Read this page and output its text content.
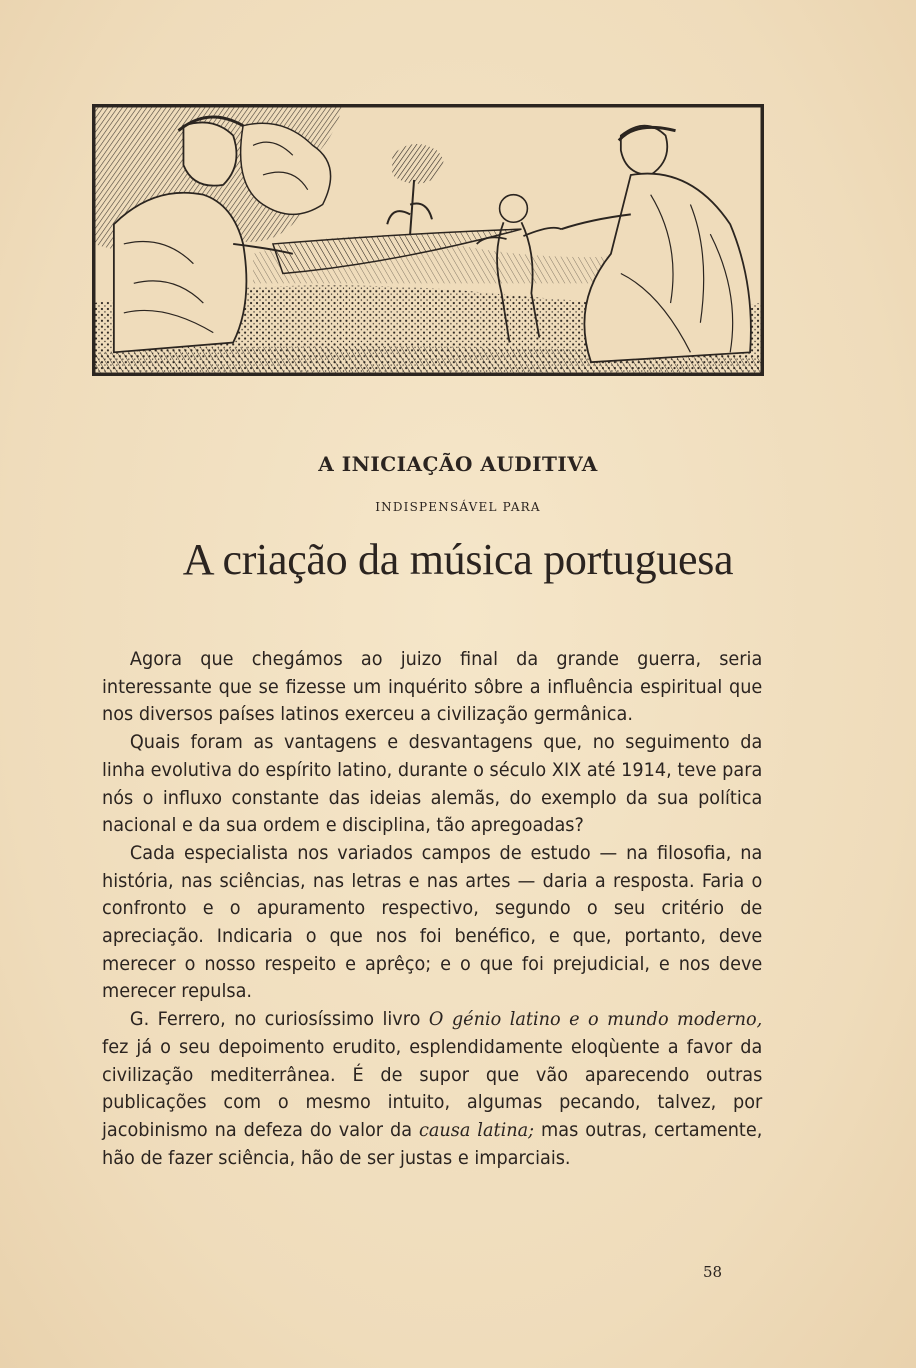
A INICIAÇÃO AUDITIVA
INDISPENSÁVEL PARA
A criação da música portuguesa

Agora que chegámos ao juizo final da grande guerra, seria interessante que se fizesse um inquérito sôbre a influência espiritual que nos diversos países latinos exerceu a civilização germânica.

Quais foram as vantagens e desvantagens que, no seguimento da linha evolutiva do espírito latino, durante o século XIX até 1914, teve para nós o influxo constante das ideias alemãs, do exemplo da sua política nacional e da sua ordem e disciplina, tão apregoadas?

Cada especialista nos variados campos de estudo — na filosofia, na história, nas sciências, nas letras e nas artes — daria a resposta. Faria o confronto e o apuramento respectivo, segundo o seu critério de apreciação. Indicaria o que nos foi benéfico, e que, portanto, deve merecer o nosso respeito e aprêço; e o que foi prejudicial, e nos deve merecer repulsa.

G. Ferrero, no curiosíssimo livro O génio latino e o mundo moderno, fez já o seu depoimento erudito, esplendidamente eloqùente a favor da civilização mediterrânea. É de supor que vão aparecendo outras publicações com o mesmo intuito, algumas pecando, talvez, por jacobinismo na defeza do valor da causa latina; mas outras, certamente, hão de fazer sciência, hão de ser justas e imparciais.

58
